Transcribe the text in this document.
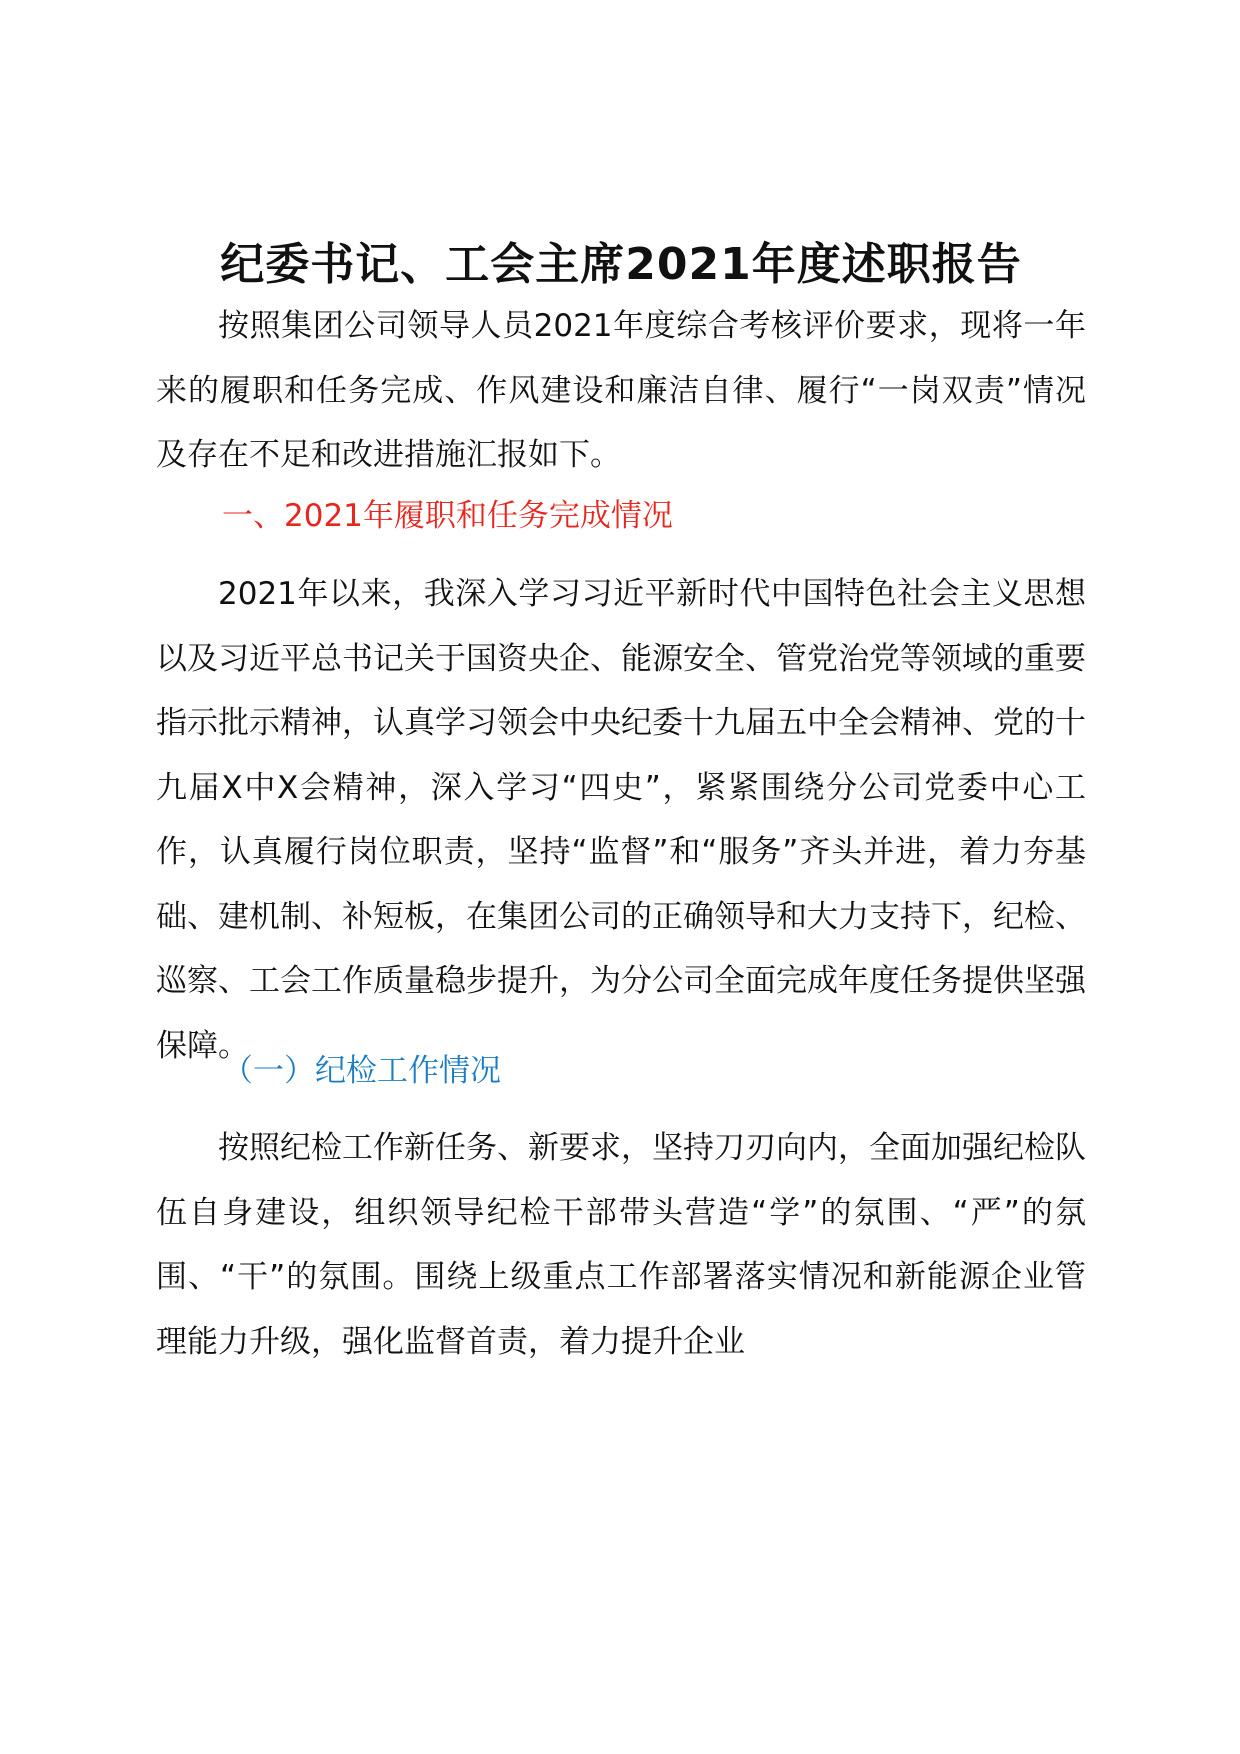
纪委书记、工会主席2021年度述职报告

按照集团公司领导人员2021年度综合考核评价要求，现将一年来的履职和任务完成、作风建设和廉洁自律、履行“一岗双责”情况及存在不足和改进措施汇报如下。

一、2021年履职和任务完成情况

2021年以来，我深入学习习近平新时代中国特色社会主义思想以及习近平总书记关于国资央企、能源安全、管党治党等领域的重要指示批示精神，认真学习领会中央纪委十九届五中全会精神、党的十九届X中X会精神，深入学习“四史”，紧紧围绕分公司党委中心工作，认真履行岗位职责，坚持“监督”和“服务”齐头并进，着力夯基础、建机制、补短板，在集团公司的正确领导和大力支持下，纪检、巡察、工会工作质量稳步提升，为分公司全面完成年度任务提供坚强保障。

（一）纪检工作情况

按照纪检工作新任务、新要求，坚持刀刃向内，全面加强纪检队伍自身建设，组织领导纪检干部带头营造“学”的氛围、“严”的氛围、“干”的氛围。围绕上级重点工作部署落实情况和新能源企业管理能力升级，强化监督首责，着力提升企业
